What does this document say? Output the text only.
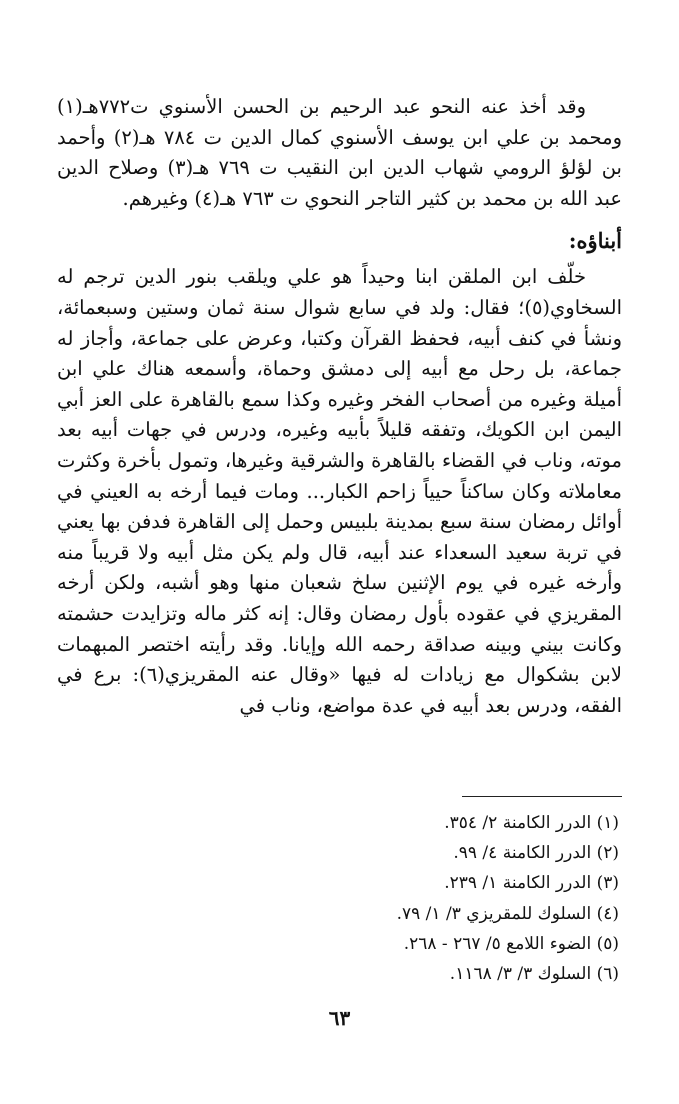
وقد أخذ عنه النحو عبد الرحيم بن الحسن الأسنوي ت٧٧٢هـ(١) ومحمد بن علي ابن يوسف الأسنوي كمال الدين ت ٧٨٤ هـ(٢) وأحمد بن لؤلؤ الرومي شهاب الدين ابن النقيب ت ٧٦٩ هـ(٣) وصلاح الدين عبد الله بن محمد بن كثير التاجر النحوي ت ٧٦٣ هـ(٤) وغيرهم.

أبناؤه:

خلّف ابن الملقن ابنا وحيداً هو علي ويلقب بنور الدين ترجم له السخاوي(٥)؛ فقال: ولد في سابع شوال سنة ثمان وستين وسبعمائة، ونشأ في كنف أبيه، فحفظ القرآن وكتبا، وعرض على جماعة، وأجاز له جماعة، بل رحل مع أبيه إلى دمشق وحماة، وأسمعه هناك علي ابن أميلة وغيره من أصحاب الفخر وغيره وكذا سمع بالقاهرة على العز أبي اليمن ابن الكويك، وتفقه قليلاً بأبيه وغيره، ودرس في جهات أبيه بعد موته، وناب في القضاء بالقاهرة والشرقية وغيرها، وتمول بأخرة وكثرت معاملاته وكان ساكناً حيياً زاحم الكبار... ومات فيما أرخه به العيني في أوائل رمضان سنة سبع بمدينة بلبيس وحمل إلى القاهرة فدفن بها يعني في تربة سعيد السعداء عند أبيه، قال ولم يكن مثل أبيه ولا قريباً منه وأرخه غيره في يوم الإثنين سلخ شعبان منها وهو أشبه، ولكن أرخه المقريزي في عقوده بأول رمضان وقال: إنه كثر ماله وتزايدت حشمته وكانت بيني وبينه صداقة رحمه الله وإيانا. وقد رأيته اختصر المبهمات لابن بشكوال مع زيادات له فيها «وقال عنه المقريزي(٦): برع في الفقه، ودرس بعد أبيه في عدة مواضع، وناب في

(١) الدرر الكامنة ٢/ ٣٥٤.
(٢) الدرر الكامنة ٤/ ٩٩.
(٣) الدرر الكامنة ١/ ٢٣٩.
(٤) السلوك للمقريزي ٣/ ١/ ٧٩.
(٥) الضوء اللامع ٥/ ٢٦٧ - ٢٦٨.
(٦) السلوك ٣/ ٣/ ١١٦٨.
٦٣
